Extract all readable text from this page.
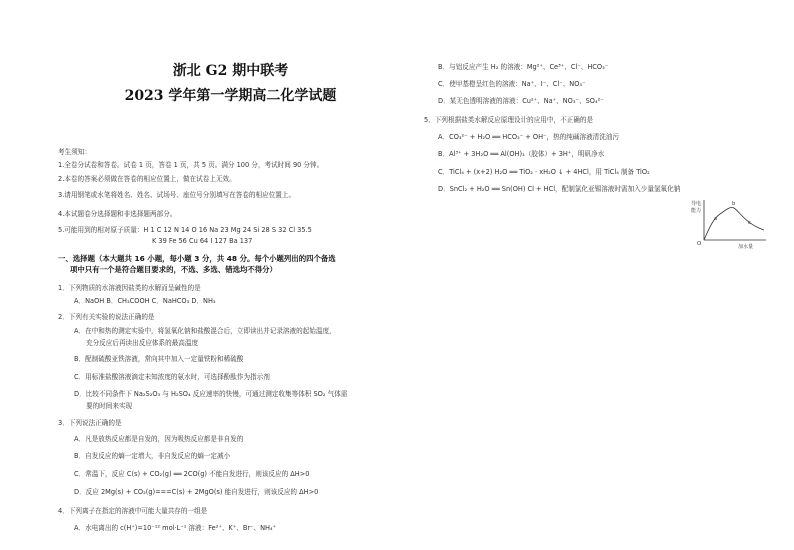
浙北 G2 期中联考
2023 学年第一学期高二化学试题
考生须知：
1.全卷分试卷和答卷。试卷 1 页，答卷 1 页，共 5 页。满分 100 分，考试时间 90 分钟。
2.本卷的答案必须做在答卷的相应位置上，做在试卷上无效。
3.请用钢笔或水笔将姓名、姓名、试场号、座位号分别填写在答卷的相应位置上。
4.本试题卷分选择题和非选择题两部分。
5.可能用到的相对原子质量：H 1 C 12 N 14 O 16 Na 23 Mg 24 Si 28 S 32 Cl 35.5
K 39 Fe 56 Cu 64 I 127 Ba 137
一、选择题（本大题共 16 小题，每小题 3 分，共 48 分。每个小题列出的四个备选
项中只有一个是符合题目要求的，不选、多选、错选均不得分）
1．下列物质的水溶液因盐类的水解而呈碱性的是
A．NaOH B．CH₃COOH C．NaHCO₃ D．NH₃
2．下列有关实验的说法正确的是
A．在中和热的测定实验中，将氢氧化钠和盐酸混合后，立即读出并记录溶液的起始温度，
充分反应后再读出反应体系的最高温度
B．配制硫酸亚铁溶液，常向其中加入一定量铁粉和稀硫酸
C．用标准盐酸溶液滴定未知浓度的氨水时，可选择酚酞作为指示剂
D．比较不同条件下 Na₂S₂O₃ 与 H₂SO₄ 反应速率的快慢，可通过测定收集等体积 SO₂ 气体需
要的时间来实现
3．下列说法正确的是
A．凡是放热反应都是自发的，因为吸热反应都是非自发的
B．自发反应的熵一定增大，非自发反应的熵一定减小
C．常温下，反应 C(s) + CO₂(g) ══ 2CO(g) 不能自发进行，则该反应的 ΔH>0
D．反应 2Mg(s) + CO₂(g)===C(s) + 2MgO(s) 能自发进行，则该反应的 ΔH>0
4．下列离子在指定的溶液中可能大量共存的一组是
A．水电离出的 c(H⁺)=10⁻¹² mol·L⁻¹ 溶液：Fe²⁺、K⁺、Br⁻、NH₄⁺
B．与铝反应产生 H₂ 的溶液：Mg²⁺、Ce³⁺、Cl⁻、HCO₃⁻
C．使甲基橙呈红色的溶液：Na⁺、I⁻、Cl⁻、NO₃⁻
D．某无色透明溶液的溶液：Cu²⁺、Na⁺、NO₃⁻、SO₄²⁻
5．下列根据盐类水解反应原理设计的应用中，不正确的是
A．CO₃²⁻ + H₂O ══ HCO₃⁻ + OH⁻，热的纯碱溶液清洗油污
B．Al³⁺ + 3H₂O ══ Al(OH)₃（胶体）+ 3H⁺，明矾净水
C．TiCl₄ + (x+2) H₂O ══ TiO₂ · xH₂O ↓ + 4HCl，用 TiCl₄ 制备 TiO₂
D．SnCl₂ + H₂O ══ Sn(OH) Cl + HCl，配制氯化亚锡溶液时需加入少量氢氧化钠
导电
能力
O
a
b
c
加水量
